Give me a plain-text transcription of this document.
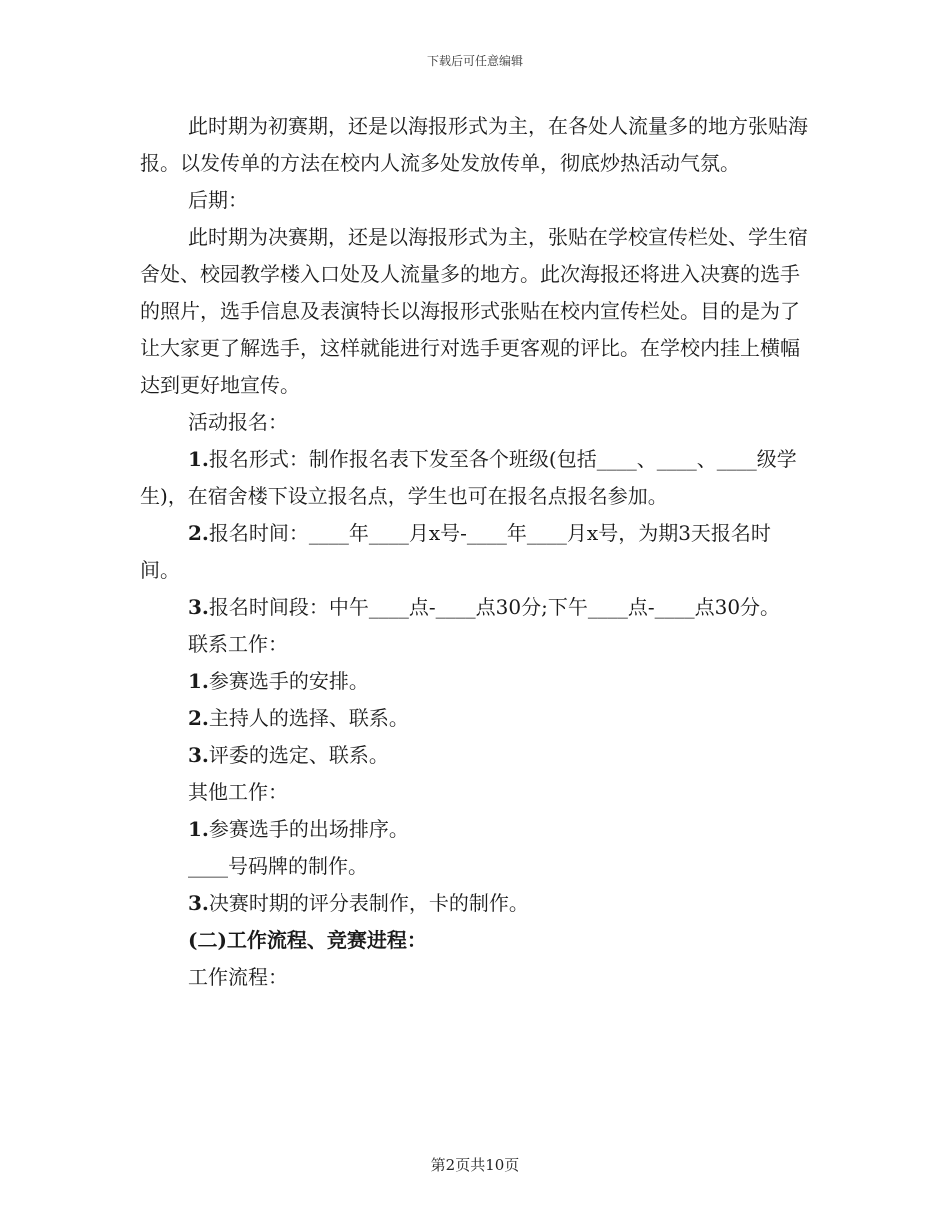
下载后可任意编辑

此时期为初赛期，还是以海报形式为主，在各处人流量多的地方张贴海报。以发传单的方法在校内人流多处发放传单，彻底炒热活动气氛。

后期：

此时期为决赛期，还是以海报形式为主，张贴在学校宣传栏处、学生宿舍处、校园教学楼入口处及人流量多的地方。此次海报还将进入决赛的选手的照片，选手信息及表演特长以海报形式张贴在校内宣传栏处。目的是为了让大家更了解选手，这样就能进行对选手更客观的评比。在学校内挂上横幅达到更好地宣传。

活动报名：

1.报名形式：制作报名表下发至各个班级(包括____、____、____级学生)，在宿舍楼下设立报名点，学生也可在报名点报名参加。

2.报名时间：____年____月x号-____年____月x号，为期3天报名时间。

3.报名时间段：中午____点-____点30分;下午____点-____点30分。

联系工作：

1.参赛选手的安排。

2.主持人的选择、联系。

3.评委的选定、联系。

其他工作：

1.参赛选手的出场排序。

____号码牌的制作。

3.决赛时期的评分表制作，卡的制作。

(二)工作流程、竞赛进程：

工作流程：

第2页共10页
